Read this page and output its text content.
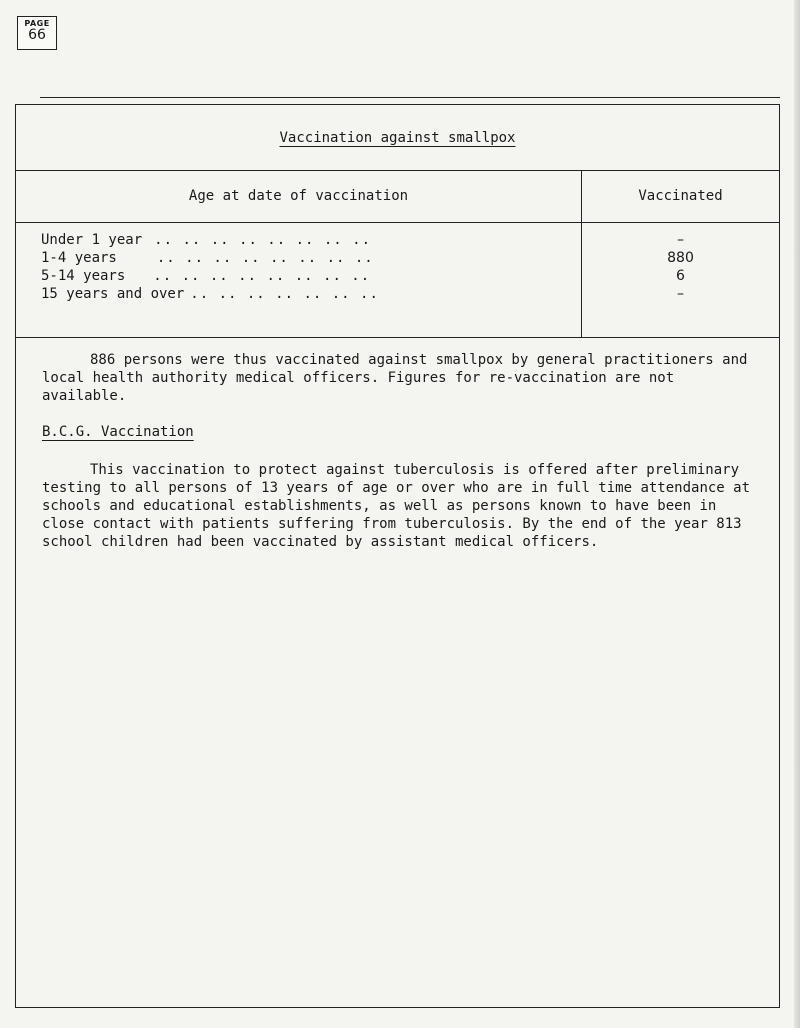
PAGE
66
Vaccination against smallpox
Age at date of vaccination	Vaccinated
Under 1 year .. .. .. .. .. .. .. ..
1-4 years	.. .. .. .. .. .. .. ..
5-14 years .. .. .. .. .. .. .. ..
15 years and over .. .. .. .. .. .. ..
–
880
6
–

886 persons were thus vaccinated against smallpox by general practitioners and local health authority medical officers. Figures for re-vaccination are not available.

B.C.G. Vaccination

This vaccination to protect against tuberculosis is offered after preliminary testing to all persons of 13 years of age or over who are in full time attendance at schools and educational establishments, as well as persons known to have been in close contact with patients suffering from tuberculosis. By the end of the year 813 school children had been vaccinated by assistant medical officers.
